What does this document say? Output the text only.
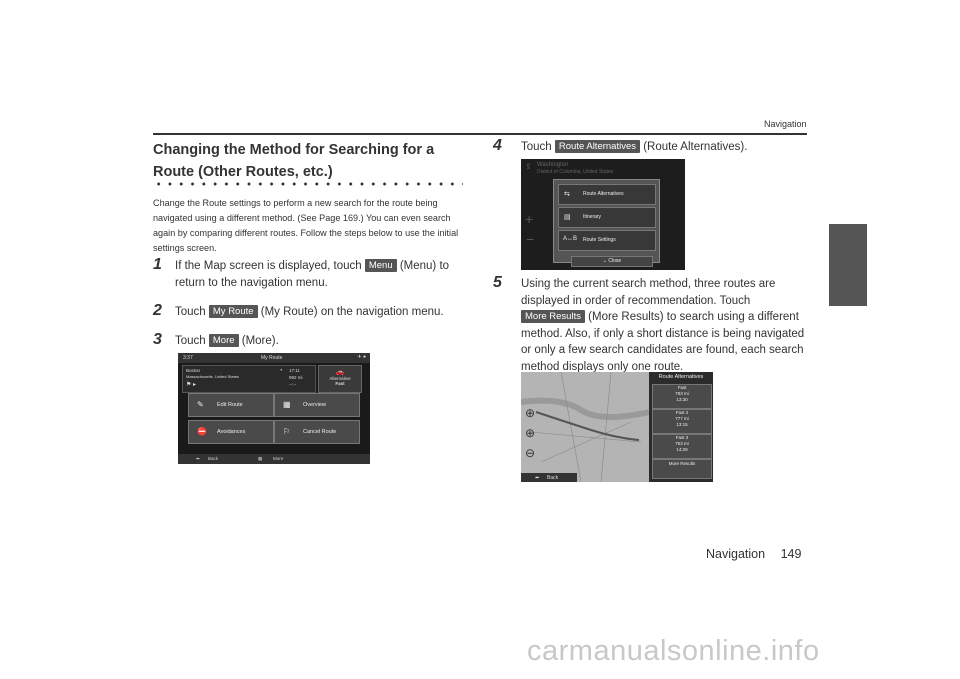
Navigation
Changing the Method for Searching for a Route (Other Routes, etc.)
Change the Route settings to perform a new search for the route being navigated using a different method. (See Page 169.) You can even search again by comparing different routes. Follow the steps below to use the initial settings screen.
1 If the Map screen is displayed, touch Menu (Menu) to return to the navigation menu.
2 Touch My Route (My Route) on the navigation menu.
3 Touch More (More).
3:37	My Route	✈ ●
Boston
Massachusetts, United States
⚑ ▸
◔ 17:11
992 mi
--:--
🚗
Alternative
Fast
✎ Edit Route	▦ Overview
⛔ Avoidances	⚐ Cancel Route
⬅ Back	▦ More
4 Touch Route Alternatives (Route Alternatives).
⇪ Washington
District of Columbia, United States
+
−
⇆	Route Alternatives
▤ Itinerary
A↔B Route Settings
⌄ Close
5 Using the current search method, three routes are displayed in order of recommendation. Touch More Results (More Results) to search using a different method. Also, if only a short distance is being navigated or only a few search candidates are found, each search method displays only one route.
⊕
⊕
⊖
⬅ Back
Route Alternatives
Fast
793 mi
13:30
Fast 2
777 mi
13:15
Fast 3
753 mi
14:29
More Results
Navigation 149
carmanualsonline.info
